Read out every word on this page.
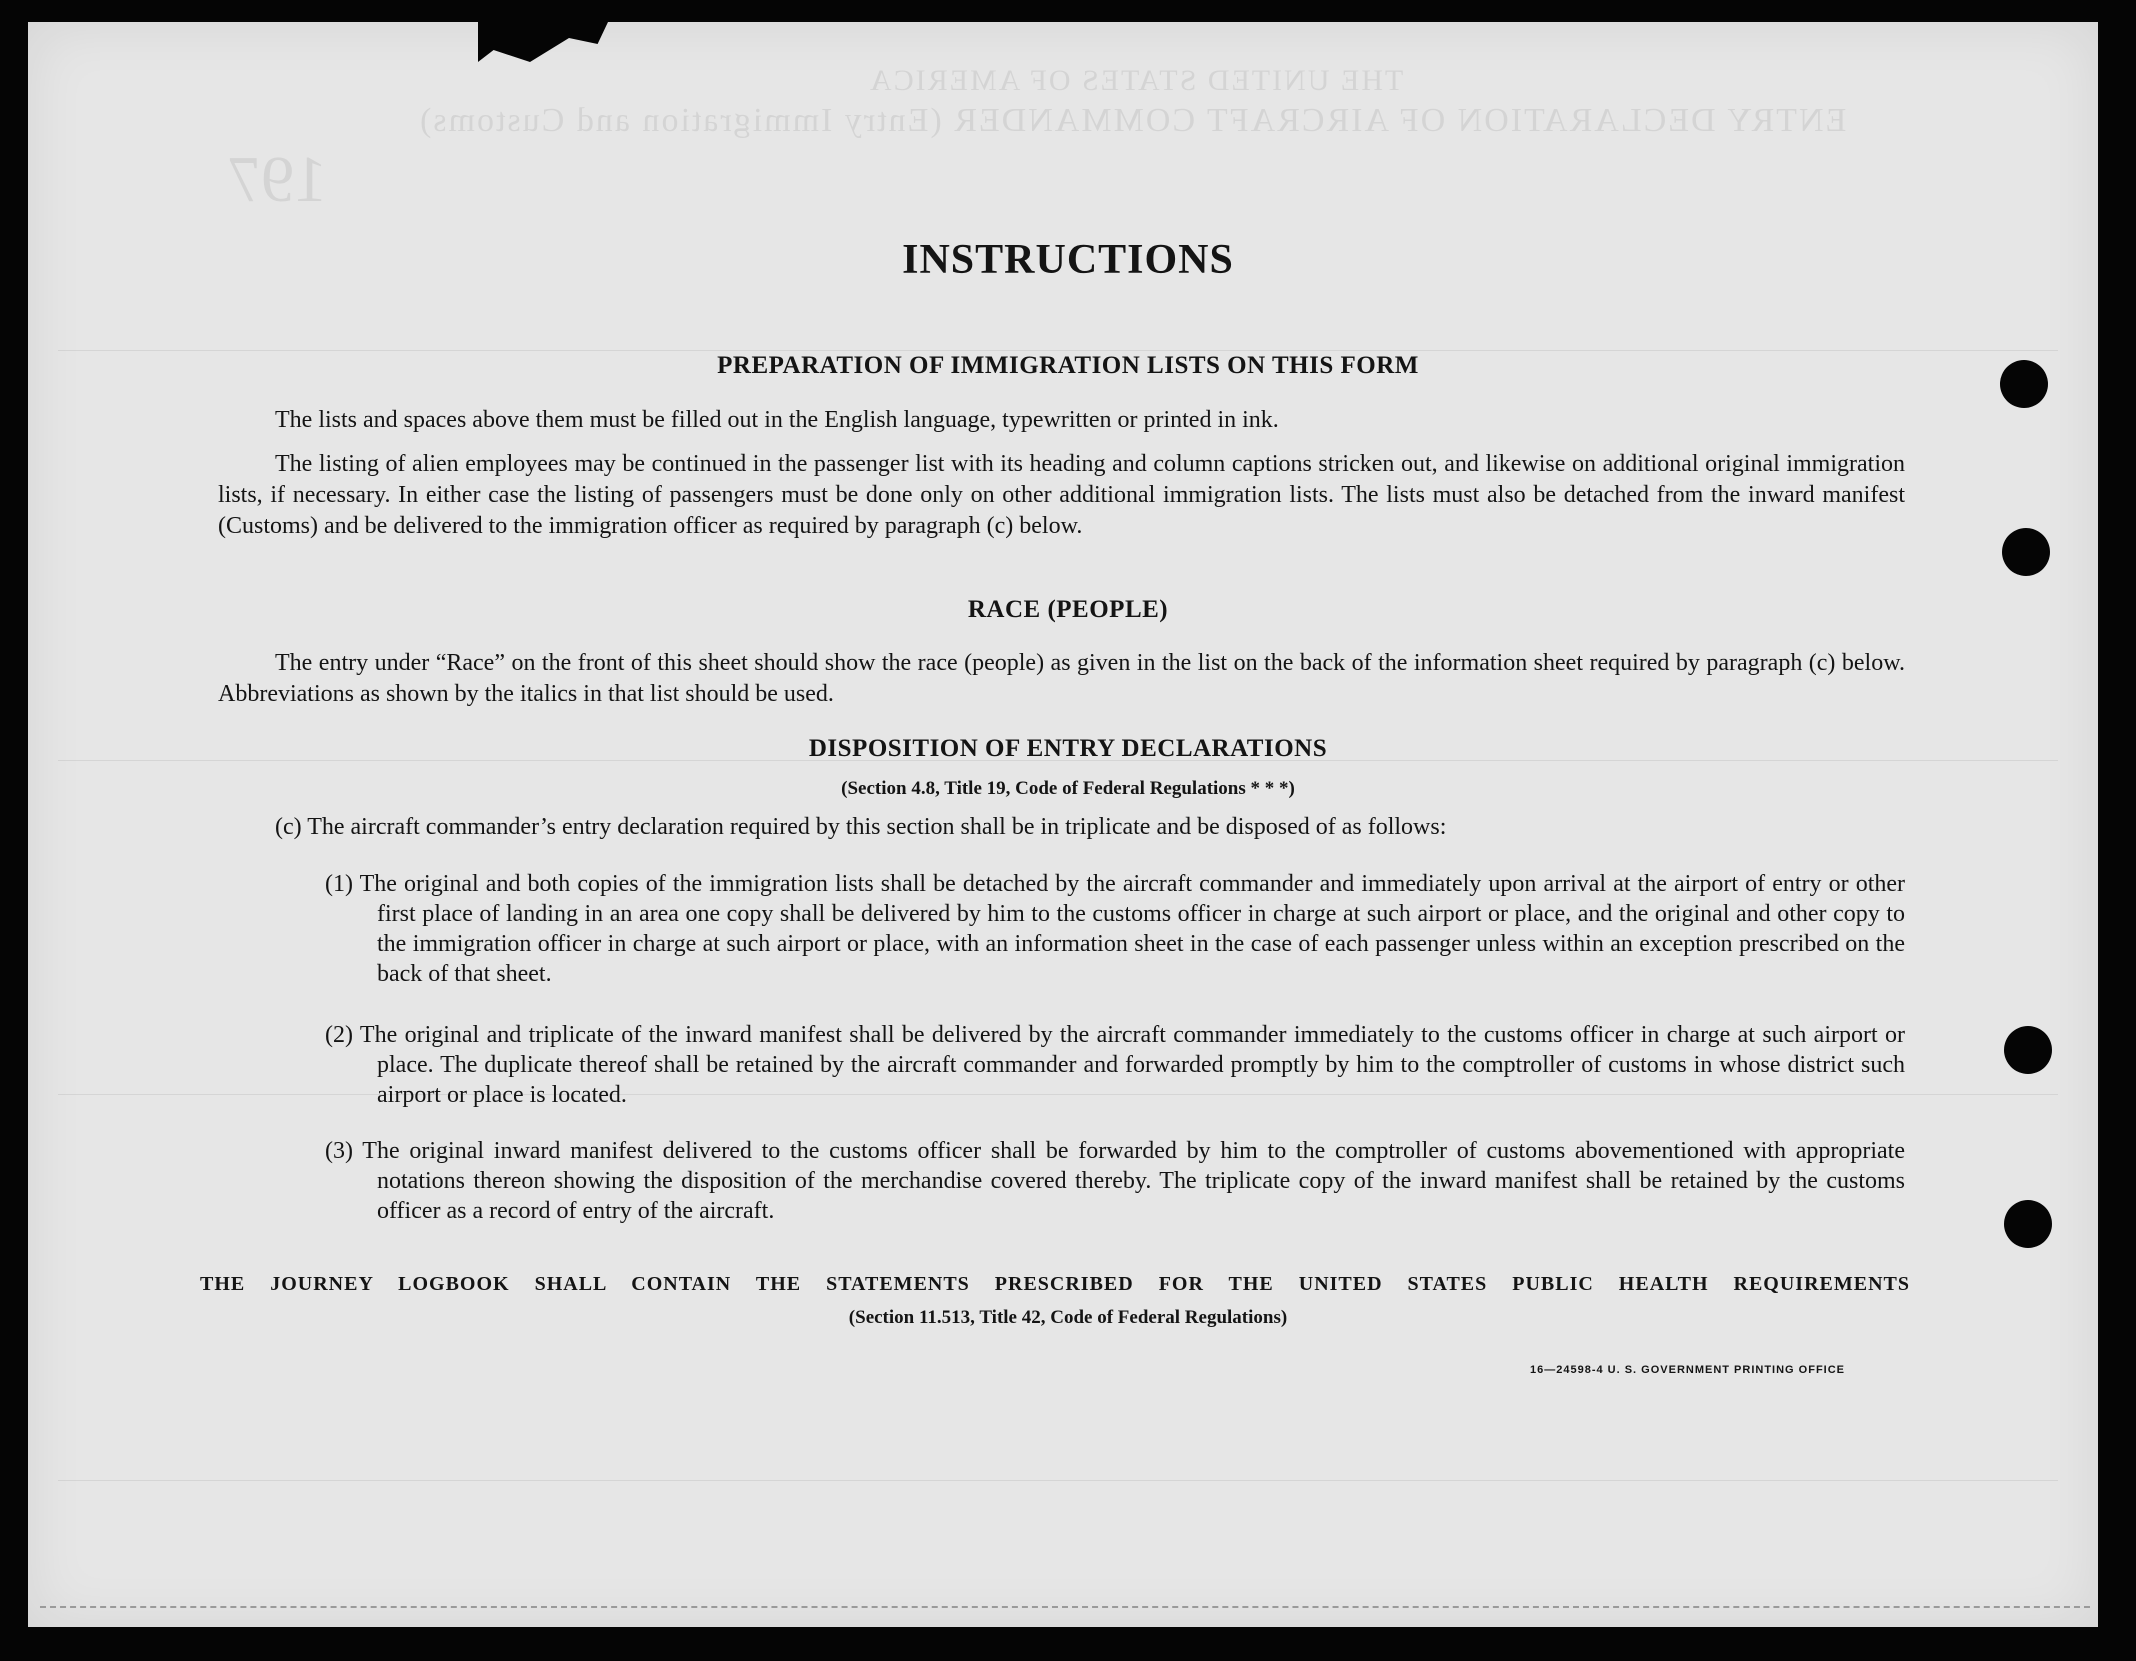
THE UNITED STATES OF AMERICA
ENTRY DECLARATION OF AIRCRAFT COMMANDER (Entry Immigration and Customs)
197
INSTRUCTIONS
PREPARATION OF IMMIGRATION LISTS ON THIS FORM
The lists and spaces above them must be filled out in the English language, typewritten or printed in ink.
The listing of alien employees may be continued in the passenger list with its heading and column captions stricken out, and likewise on additional original immigration lists, if necessary. In either case the listing of passengers must be done only on other additional immigration lists. The lists must also be detached from the inward manifest (Customs) and be delivered to the immigration officer as required by paragraph (c) below.
RACE (PEOPLE)
The entry under “Race” on the front of this sheet should show the race (people) as given in the list on the back of the information sheet required by paragraph (c) below. Abbreviations as shown by the italics in that list should be used.
DISPOSITION OF ENTRY DECLARATIONS
(Section 4.8, Title 19, Code of Federal Regulations * * *)
(c) The aircraft commander’s entry declaration required by this section shall be in triplicate and be disposed of as follows:
(1) The original and both copies of the immigration lists shall be detached by the aircraft commander and immediately upon arrival at the airport of entry or other first place of landing in an area one copy shall be delivered by him to the customs officer in charge at such airport or place, and the original and other copy to the immigration officer in charge at such airport or place, with an information sheet in the case of each passenger unless within an exception prescribed on the back of that sheet.
(2) The original and triplicate of the inward manifest shall be delivered by the aircraft commander immediately to the customs officer in charge at such airport or place. The duplicate thereof shall be retained by the aircraft commander and forwarded promptly by him to the comptroller of customs in whose district such airport or place is located.
(3) The original inward manifest delivered to the customs officer shall be forwarded by him to the comptroller of customs abovementioned with appropriate notations thereon showing the disposition of the merchandise covered thereby. The triplicate copy of the inward manifest shall be retained by the customs officer as a record of entry of the aircraft.
THE JOURNEY LOGBOOK SHALL CONTAIN THE STATEMENTS PRESCRIBED FOR THE UNITED STATES PUBLIC HEALTH REQUIREMENTS
(Section 11.513, Title 42, Code of Federal Regulations)
16—24598-4 U. S. GOVERNMENT PRINTING OFFICE
